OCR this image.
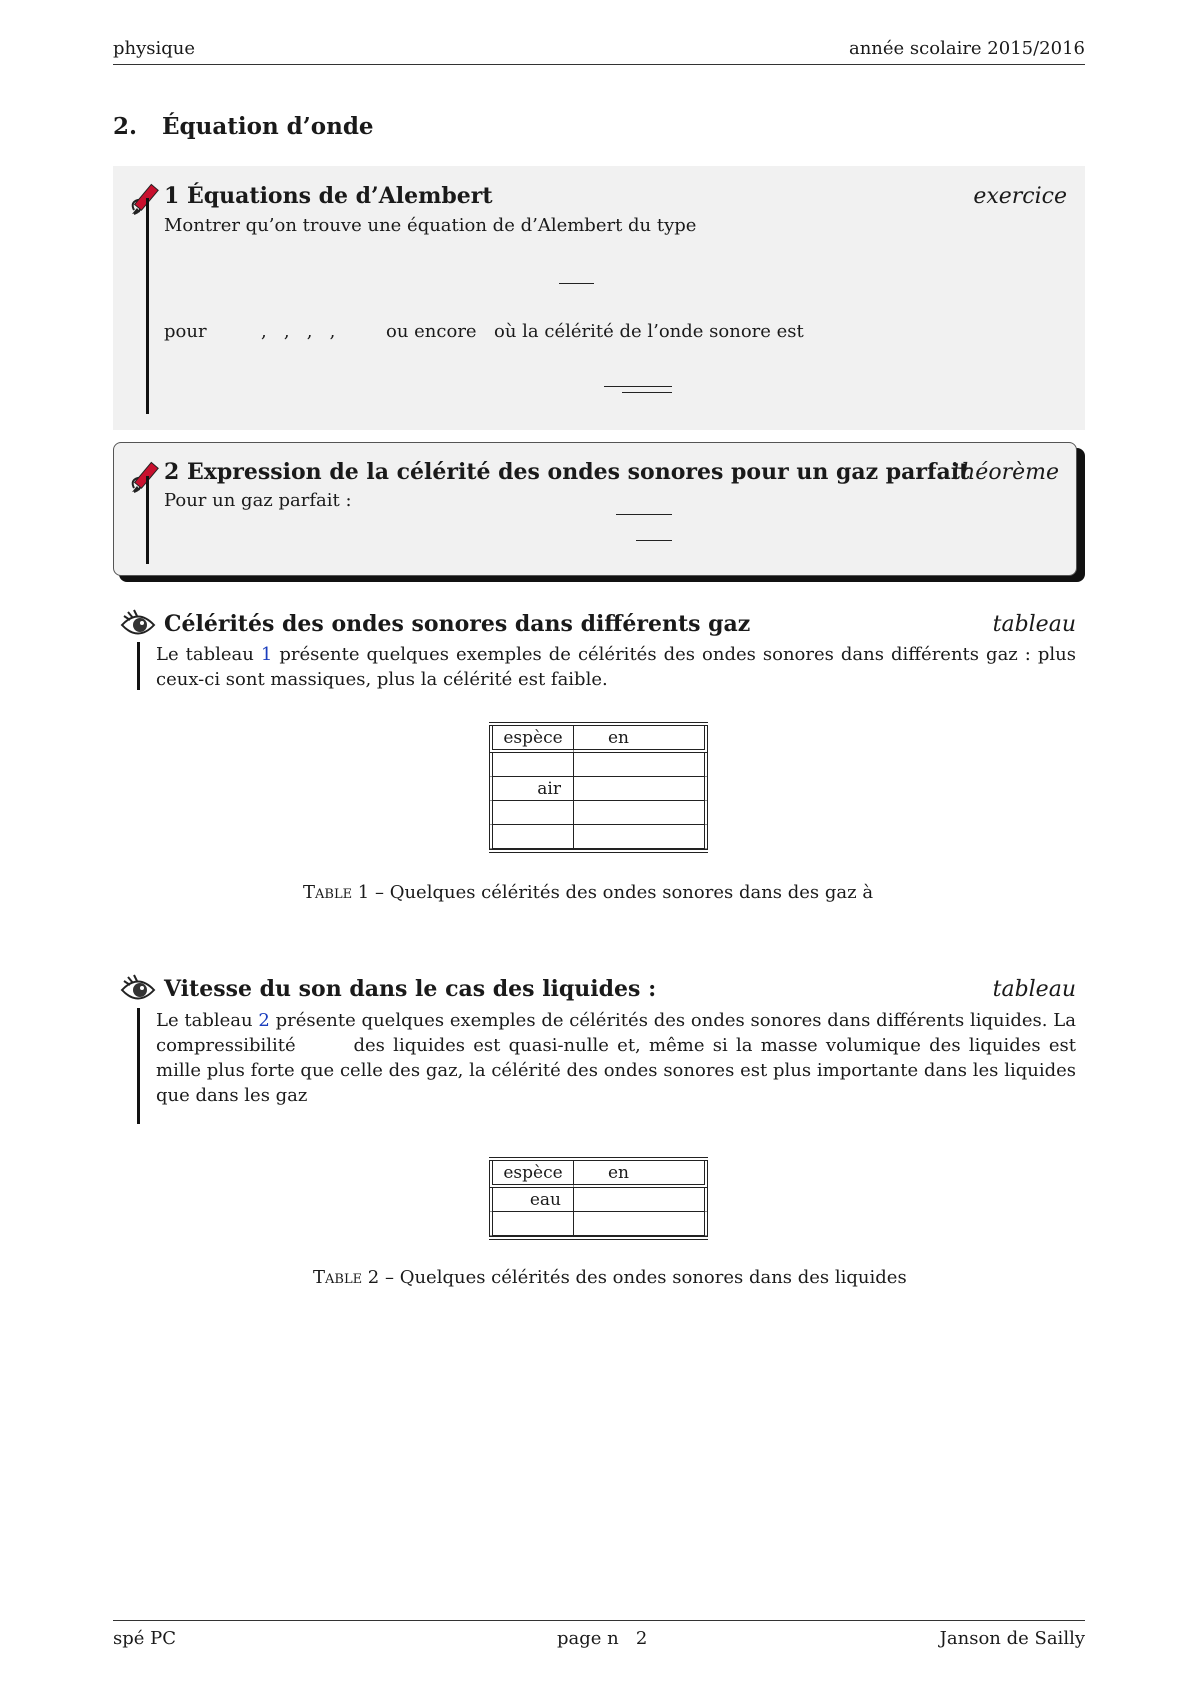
physique	année scolaire 2015/2016
2. Équation d’onde
1 Équations de d’Alembert	exercice
Montrer qu’on trouve une équation de d’Alembert du type
pour	,   ,   ,   ,	ou encore où la célérité de l’onde sonore est
2 Expression de la célérité des ondes sonores pour un gaz parfait
théorème
Pour un gaz parfait :
Célérités des ondes sonores dans différents gaz	tableau
Le tableau 1 présente quelques exemples de célérités des ondes sonores dans différents gaz : plus ceux-ci sont massiques, plus la célérité est faible.
espèce	en

air	

Table 1 – Quelques célérités des ondes sonores dans des gaz à
Vitesse du son dans le cas des liquides :	tableau
Le tableau 2 présente quelques exemples de célérités des ondes sonores dans différents liquides. La compressibilité       des liquides est quasi-nulle et, même si la masse volumique des liquides est mille plus forte que celle des gaz, la célérité des ondes sonores est plus importante dans les liquides que dans les gaz
espèce	en
eau	

Table 2 – Quelques célérités des ondes sonores dans des liquides
spé PC	page n   2	Janson de Sailly
